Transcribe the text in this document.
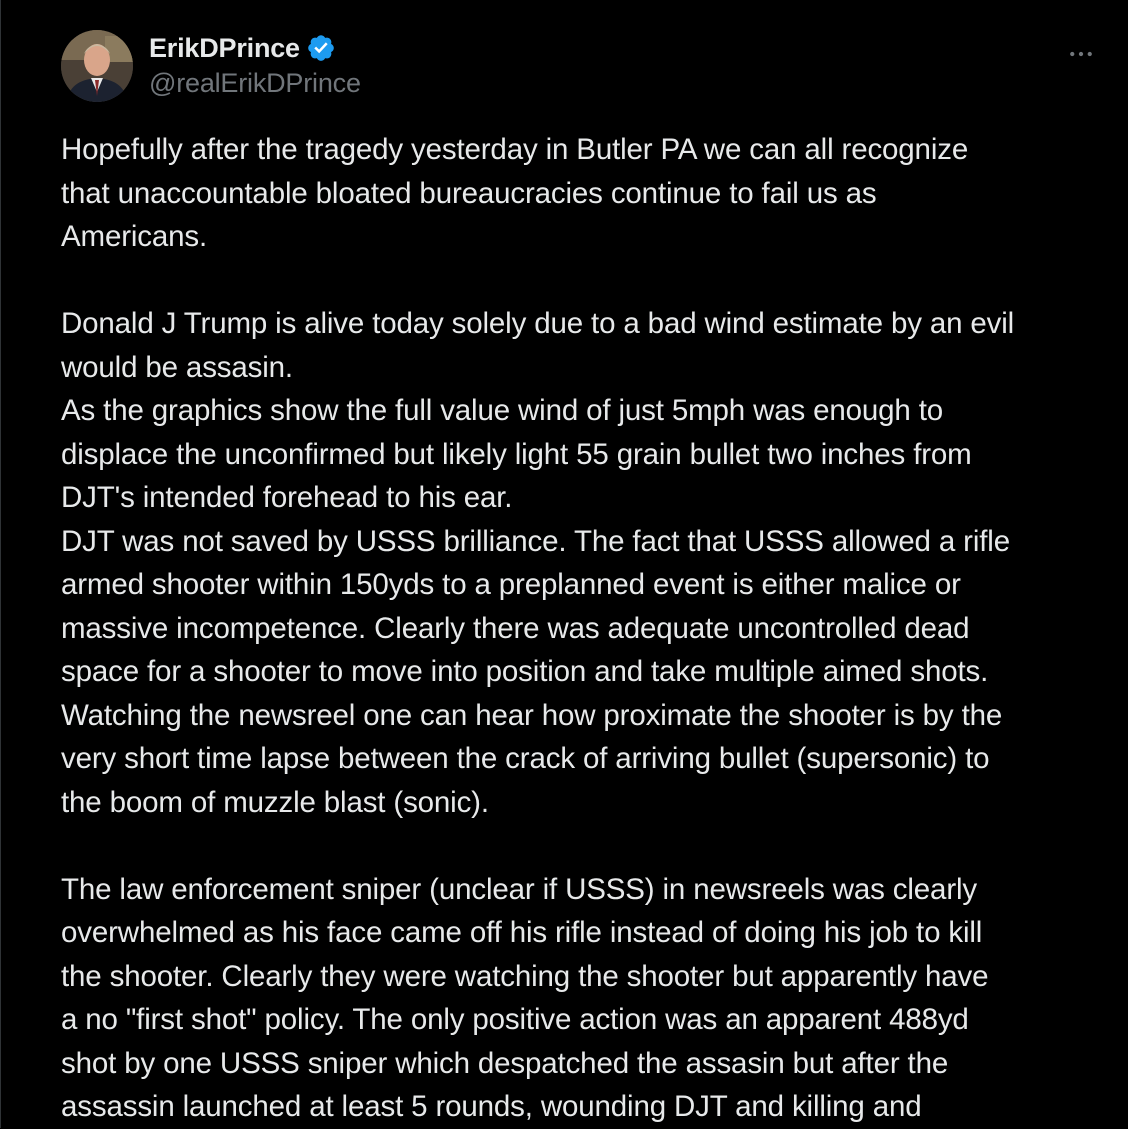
ErikDPrince
@realErikDPrince
Hopefully after the tragedy yesterday in Butler PA we can all recognize
that unaccountable bloated bureaucracies continue to fail us as
Americans.
Donald J Trump is alive today solely due to a bad wind estimate by an evil
would be assasin.
As the graphics show the full value wind of just 5mph was enough to
displace the unconfirmed but likely light 55 grain bullet two inches from
DJT's intended forehead to his ear.
DJT was not saved by USSS brilliance. The fact that USSS allowed a rifle
armed shooter within 150yds to a preplanned event is either malice or
massive incompetence. Clearly there was adequate uncontrolled dead
space for a shooter to move into position and take multiple aimed shots.
Watching the newsreel one can hear how proximate the shooter is by the
very short time lapse between the crack of arriving bullet (supersonic) to
the boom of muzzle blast (sonic).
The law enforcement sniper (unclear if USSS) in newsreels was clearly
overwhelmed as his face came off his rifle instead of doing his job to kill
the shooter. Clearly they were watching the shooter but apparently have
a no "first shot" policy. The only positive action was an apparent 488yd
shot by one USSS sniper which despatched the assasin but after the
assassin launched at least 5 rounds, wounding DJT and killing and
